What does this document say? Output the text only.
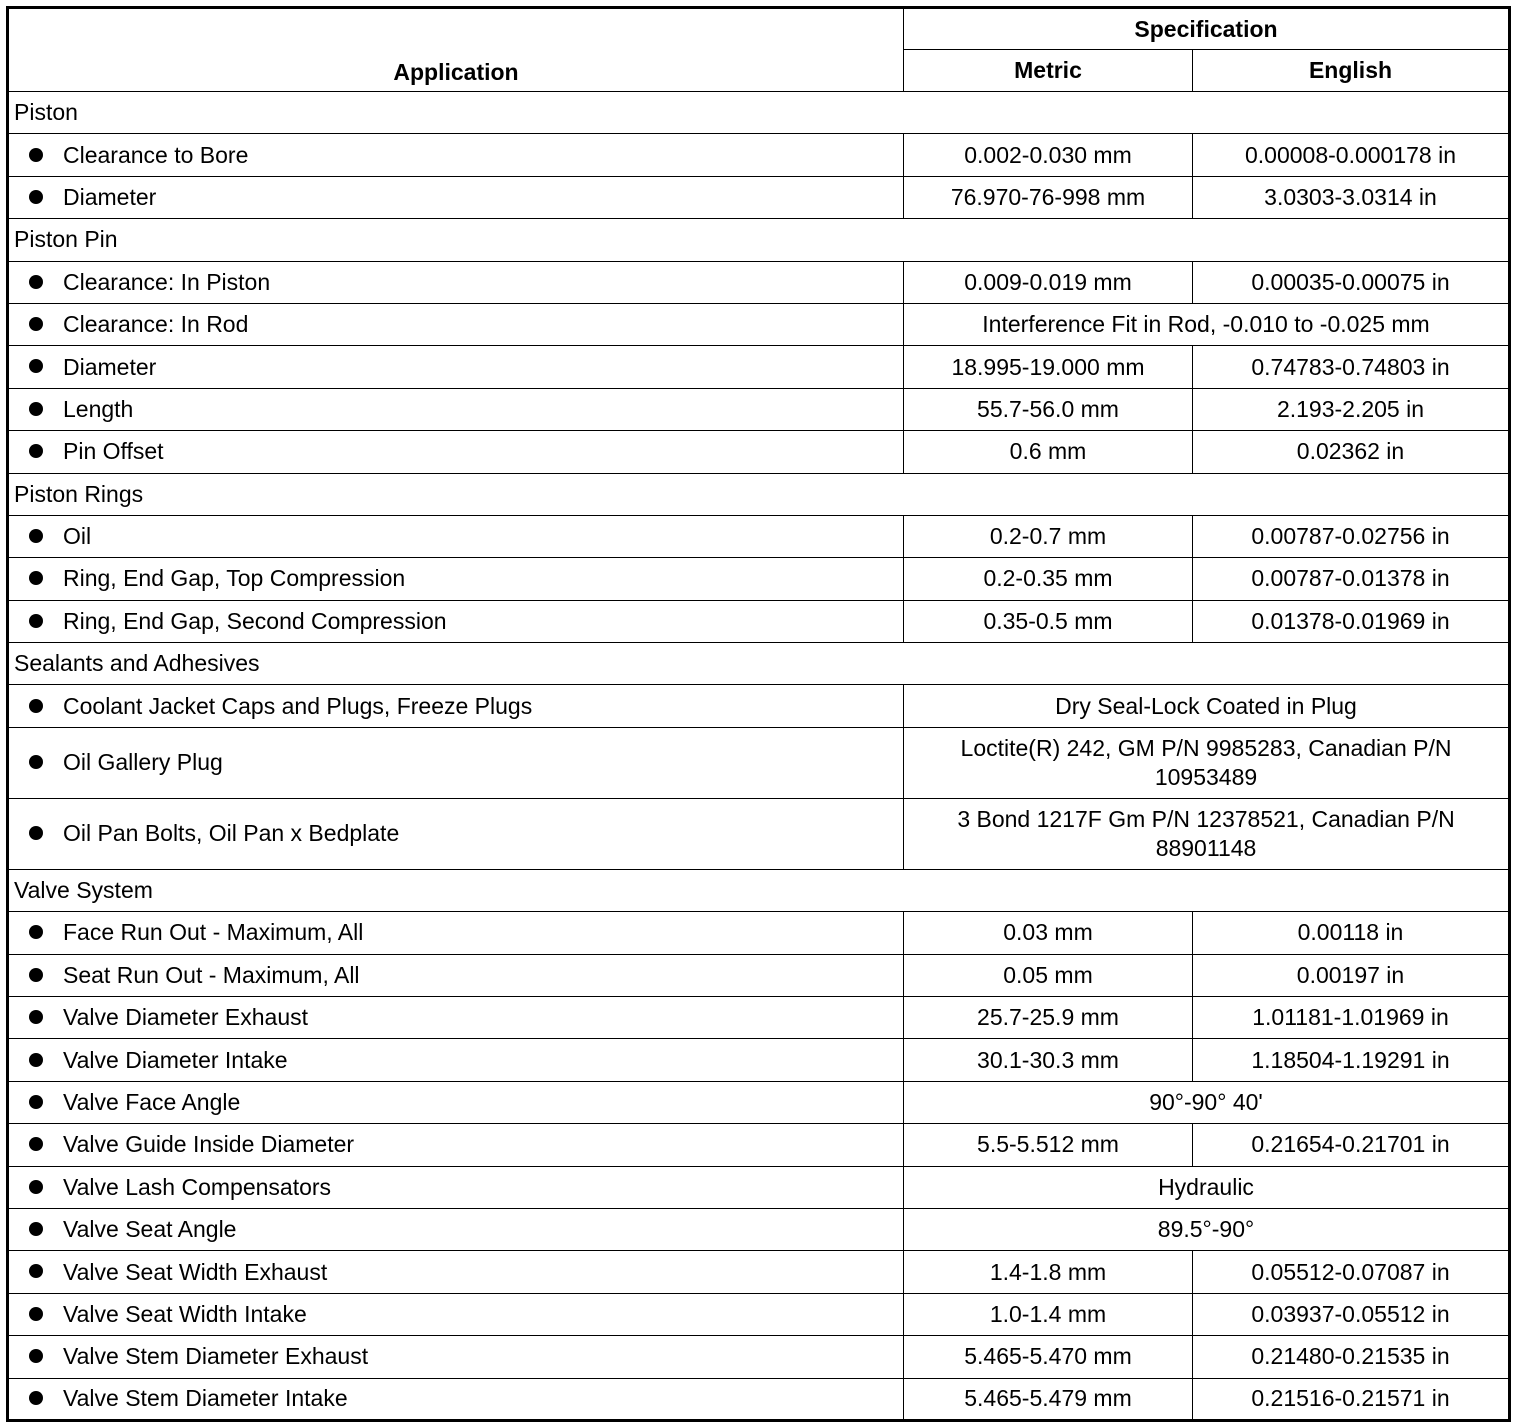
Application	Specification	
	Metric	English
Piston		
Clearance to Bore	0.002-0.030 mm	0.00008-0.000178 in
Diameter	76.970-76-998 mm	3.0303-3.0314 in
Piston Pin		
Clearance: In Piston	0.009-0.019 mm	0.00035-0.00075 in
Clearance: In Rod	Interference Fit in Rod, -0.010 to -0.025 mm	
Diameter	18.995-19.000 mm	0.74783-0.74803 in
Length	55.7-56.0 mm	2.193-2.205 in
Pin Offset	0.6 mm	0.02362 in
Piston Rings		
Oil	0.2-0.7 mm	0.00787-0.02756 in
Ring, End Gap, Top Compression	0.2-0.35 mm	0.00787-0.01378 in
Ring, End Gap, Second Compression	0.35-0.5 mm	0.01378-0.01969 in
Sealants and Adhesives		
Coolant Jacket Caps and Plugs, Freeze Plugs	Dry Seal-Lock Coated in Plug	
Oil Gallery Plug	Loctite(R) 242, GM P/N 9985283, Canadian P/N 10953489	
Oil Pan Bolts, Oil Pan x Bedplate	3 Bond 1217F Gm P/N 12378521, Canadian P/N 88901148	
Valve System		
Face Run Out - Maximum, All	0.03 mm	0.00118 in
Seat Run Out - Maximum, All	0.05 mm	0.00197 in
Valve Diameter Exhaust	25.7-25.9 mm	1.01181-1.01969 in
Valve Diameter Intake	30.1-30.3 mm	1.18504-1.19291 in
Valve Face Angle	90°-90° 40'	
Valve Guide Inside Diameter	5.5-5.512 mm	0.21654-0.21701 in
Valve Lash Compensators	Hydraulic	
Valve Seat Angle	89.5°-90°	
Valve Seat Width Exhaust	1.4-1.8 mm	0.05512-0.07087 in
Valve Seat Width Intake	1.0-1.4 mm	0.03937-0.05512 in
Valve Stem Diameter Exhaust	5.465-5.470 mm	0.21480-0.21535 in
Valve Stem Diameter Intake	5.465-5.479 mm	0.21516-0.21571 in
